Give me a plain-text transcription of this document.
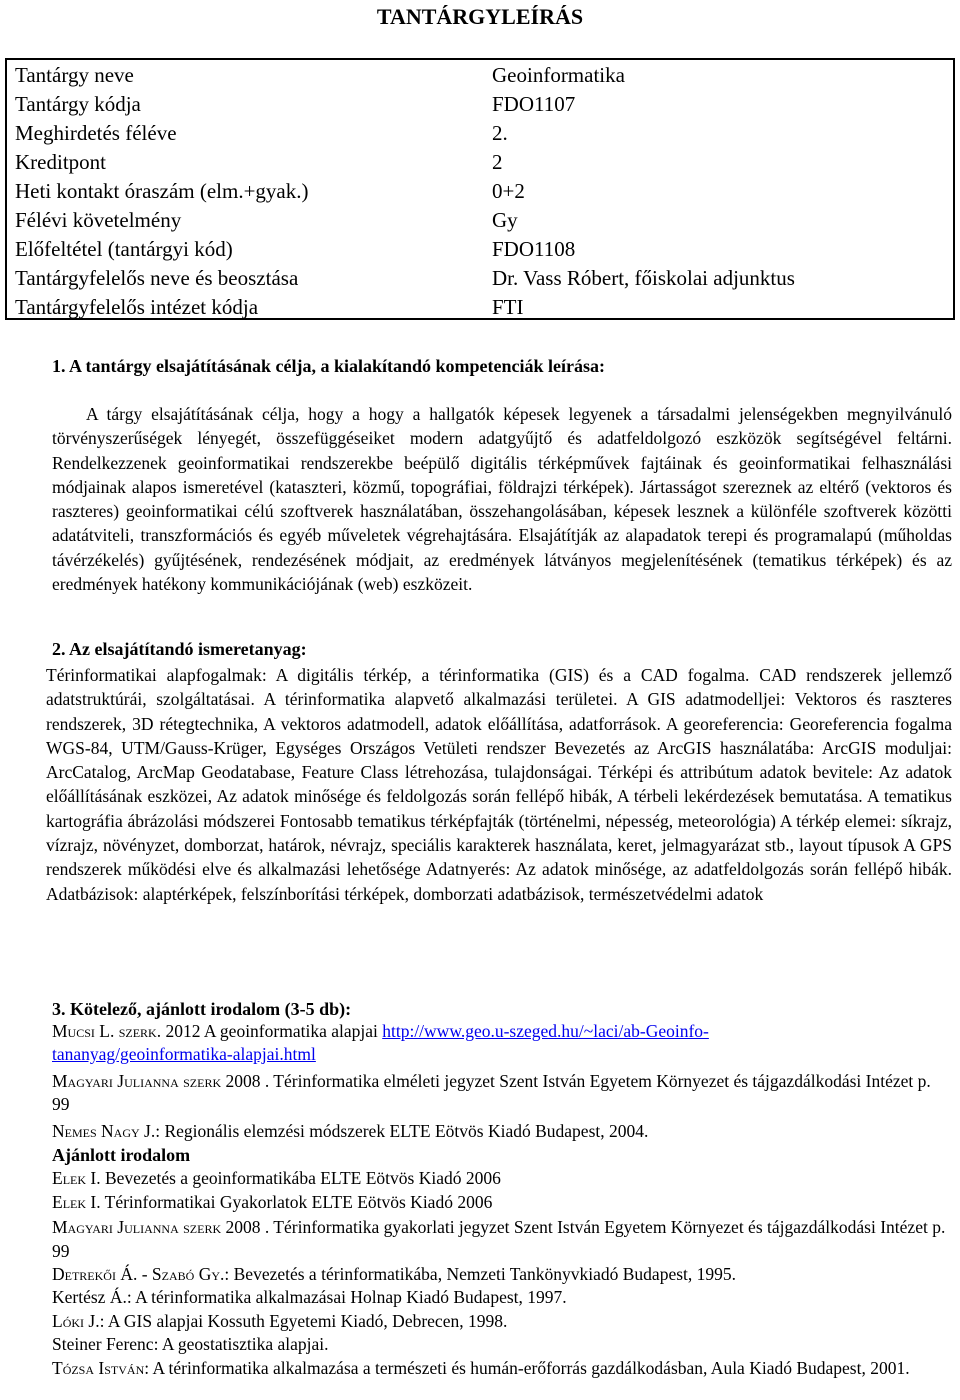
TANTÁRGYLEÍRÁS
Tantárgy neve	Geoinformatika
Tantárgy kódja	FDO1107
Meghirdetés féléve	2.
Kreditpont	2
Heti kontakt óraszám (elm.+gyak.)	0+2
Félévi követelmény	Gy
Előfeltétel (tantárgyi kód)	FDO1108
Tantárgyfelelős neve és beosztása	Dr. Vass Róbert, főiskolai adjunktus
Tantárgyfelelős intézet kódja	FTI
1. A tantárgy elsajátításának célja, a kialakítandó kompetenciák leírása:

A tárgy elsajátításának célja, hogy a hogy a hallgatók képesek legyenek a társadalmi jelenségekben megnyilvánuló törvényszerűségek lényegét, összefüggéseiket modern adatgyűjtő és adatfeldolgozó eszközök segítségével feltárni. Rendelkezzenek geoinformatikai rendszerekbe beépülő digitális térképművek fajtáinak és geoinformatikai felhasználási módjainak alapos ismeretével (kataszteri, közmű, topográfiai, földrajzi térképek). Jártasságot szereznek az eltérő (vektoros és raszteres) geoinformatikai célú szoftverek használatában, összehangolásában, képesek lesznek a különféle szoftverek közötti adatátviteli, transzformációs és egyéb műveletek végrehajtására. Elsajátítják az alapadatok terepi és programalapú (műholdas távérzékelés) gyűjtésének, rendezésének módjait, az eredmények látványos megjelenítésének (tematikus térképek) és az eredmények hatékony kommunikációjának (web) eszközeit.

2. Az elsajátítandó ismeretanyag:

Térinformatikai alapfogalmak: A digitális térkép, a térinformatika (GIS) és a CAD fogalma. CAD rendszerek jellemző adatstruktúrái, szolgáltatásai. A térinformatika alapvető alkalmazási területei. A GIS adatmodelljei: Vektoros és raszteres rendszerek, 3D rétegtechnika, A vektoros adatmodell, adatok előállítása, adatforrások. A georeferencia: Georeferencia fogalma WGS-84, UTM/Gauss-Krüger, Egységes Országos Vetületi rendszer Bevezetés az ArcGIS használatába: ArcGIS moduljai: ArcCatalog, ArcMap Geodatabase, Feature Class létrehozása, tulajdonságai. Térképi és attribútum adatok bevitele: Az adatok előállításának eszközei, Az adatok minősége és feldolgozás során fellépő hibák, A térbeli lekérdezések bemutatása. A tematikus kartográfia ábrázolási módszerei Fontosabb tematikus térképfajták (történelmi, népesség, meteorológia) A térkép elemei: síkrajz, vízrajz, növényzet, domborzat, határok, névrajz, speciális karakterek használata, keret, jelmagyarázat stb., layout típusok A GPS rendszerek működési elve és alkalmazási lehetősége Adatnyerés: Az adatok minősége, az adatfeldolgozás során fellépő hibák. Adatbázisok: alaptérképek, felszínborítási térképek, domborzati adatbázisok, természetvédelmi adatok

3. Kötelező, ajánlott irodalom (3-5 db):
Mucsi L. szerk. 2012 A geoinformatika alapjai http://www.geo.u-szeged.hu/~laci/ab-Geoinfo-
tananyag/geoinformatika-alapjai.html
Magyari Julianna szerk 2008 . Térinformatika elméleti jegyzet Szent István Egyetem Környezet és tájgazdálkodási Intézet p. 99
Nemes Nagy J.: Regionális elemzési módszerek ELTE Eötvös Kiadó Budapest, 2004.
Ajánlott irodalom
Elek I. Bevezetés a geoinformatikába ELTE Eötvös Kiadó 2006
Elek I. Térinformatikai Gyakorlatok ELTE Eötvös Kiadó 2006
Magyari Julianna szerk 2008 . Térinformatika gyakorlati jegyzet Szent István Egyetem Környezet és tájgazdálkodási Intézet p. 99
Detrekői Á. - Szabó Gy.: Bevezetés a térinformatikába, Nemzeti Tankönyvkiadó Budapest, 1995.
Kertész Á.: A térinformatika alkalmazásai Holnap Kiadó Budapest, 1997.
Lóki J.: A GIS alapjai Kossuth Egyetemi Kiadó, Debrecen, 1998.
Steiner Ferenc: A geostatisztika alapjai.
Tózsa István: A térinformatika alkalmazása a természeti és humán-erőforrás gazdálkodásban, Aula Kiadó Budapest, 2001.
